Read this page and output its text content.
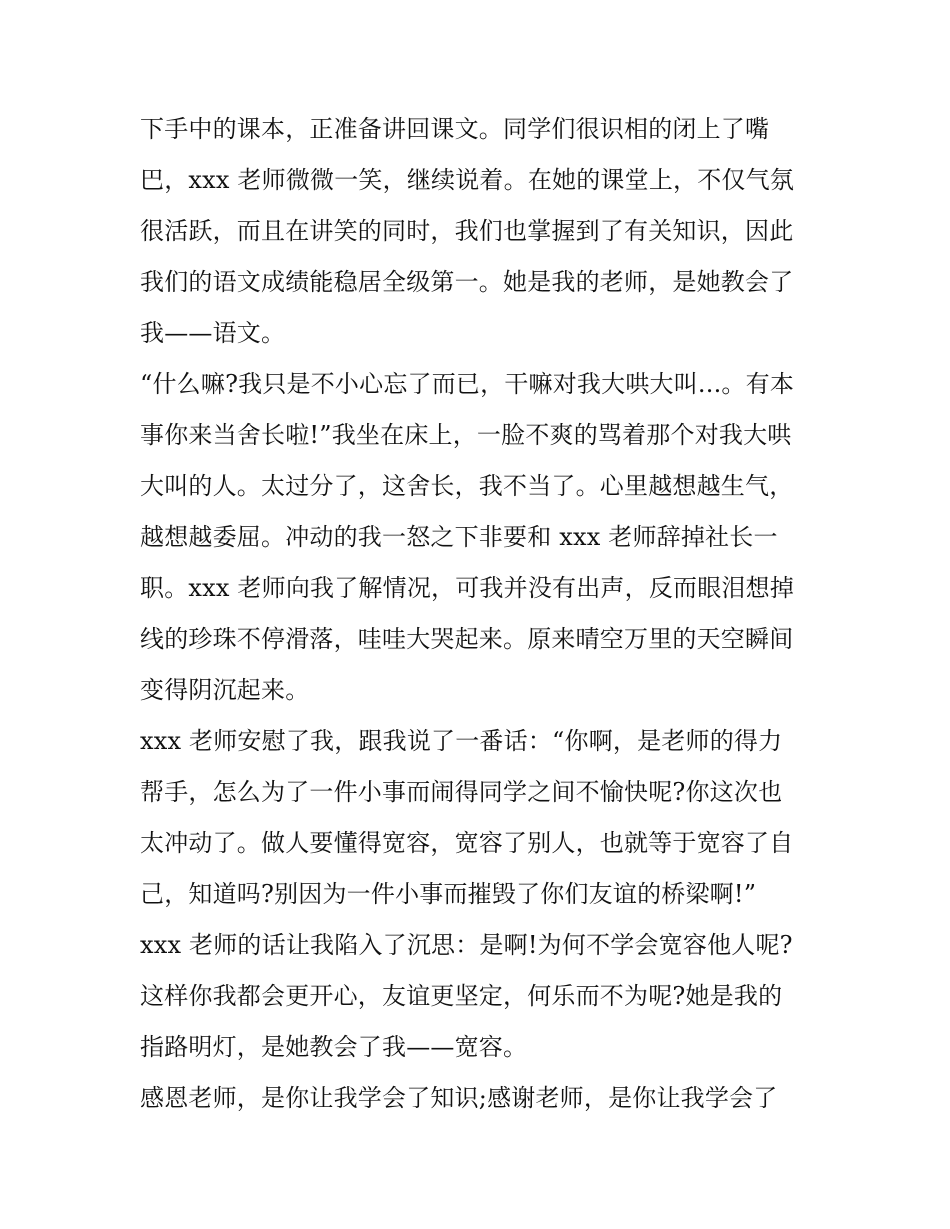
下手中的课本，正准备讲回课文。同学们很识相的闭上了嘴
巴，xxx 老师微微一笑，继续说着。在她的课堂上，不仅气氛
很活跃，而且在讲笑的同时，我们也掌握到了有关知识，因此
我们的语文成绩能稳居全级第一。她是我的老师，是她教会了
我——语文。
“什么嘛?我只是不小心忘了而已，干嘛对我大哄大叫...。有本
事你来当舍长啦!”我坐在床上，一脸不爽的骂着那个对我大哄
大叫的人。太过分了，这舍长，我不当了。心里越想越生气，
越想越委屈。冲动的我一怒之下非要和 xxx 老师辞掉社长一
职。xxx 老师向我了解情况，可我并没有出声，反而眼泪想掉
线的珍珠不停滑落，哇哇大哭起来。原来晴空万里的天空瞬间
变得阴沉起来。
xxx 老师安慰了我，跟我说了一番话：“你啊，是老师的得力
帮手，怎么为了一件小事而闹得同学之间不愉快呢?你这次也
太冲动了。做人要懂得宽容，宽容了别人，也就等于宽容了自
己，知道吗?别因为一件小事而摧毁了你们友谊的桥梁啊!”
xxx 老师的话让我陷入了沉思：是啊!为何不学会宽容他人呢?
这样你我都会更开心，友谊更坚定，何乐而不为呢?她是我的
指路明灯，是她教会了我——宽容。
感恩老师，是你让我学会了知识;感谢老师，是你让我学会了
